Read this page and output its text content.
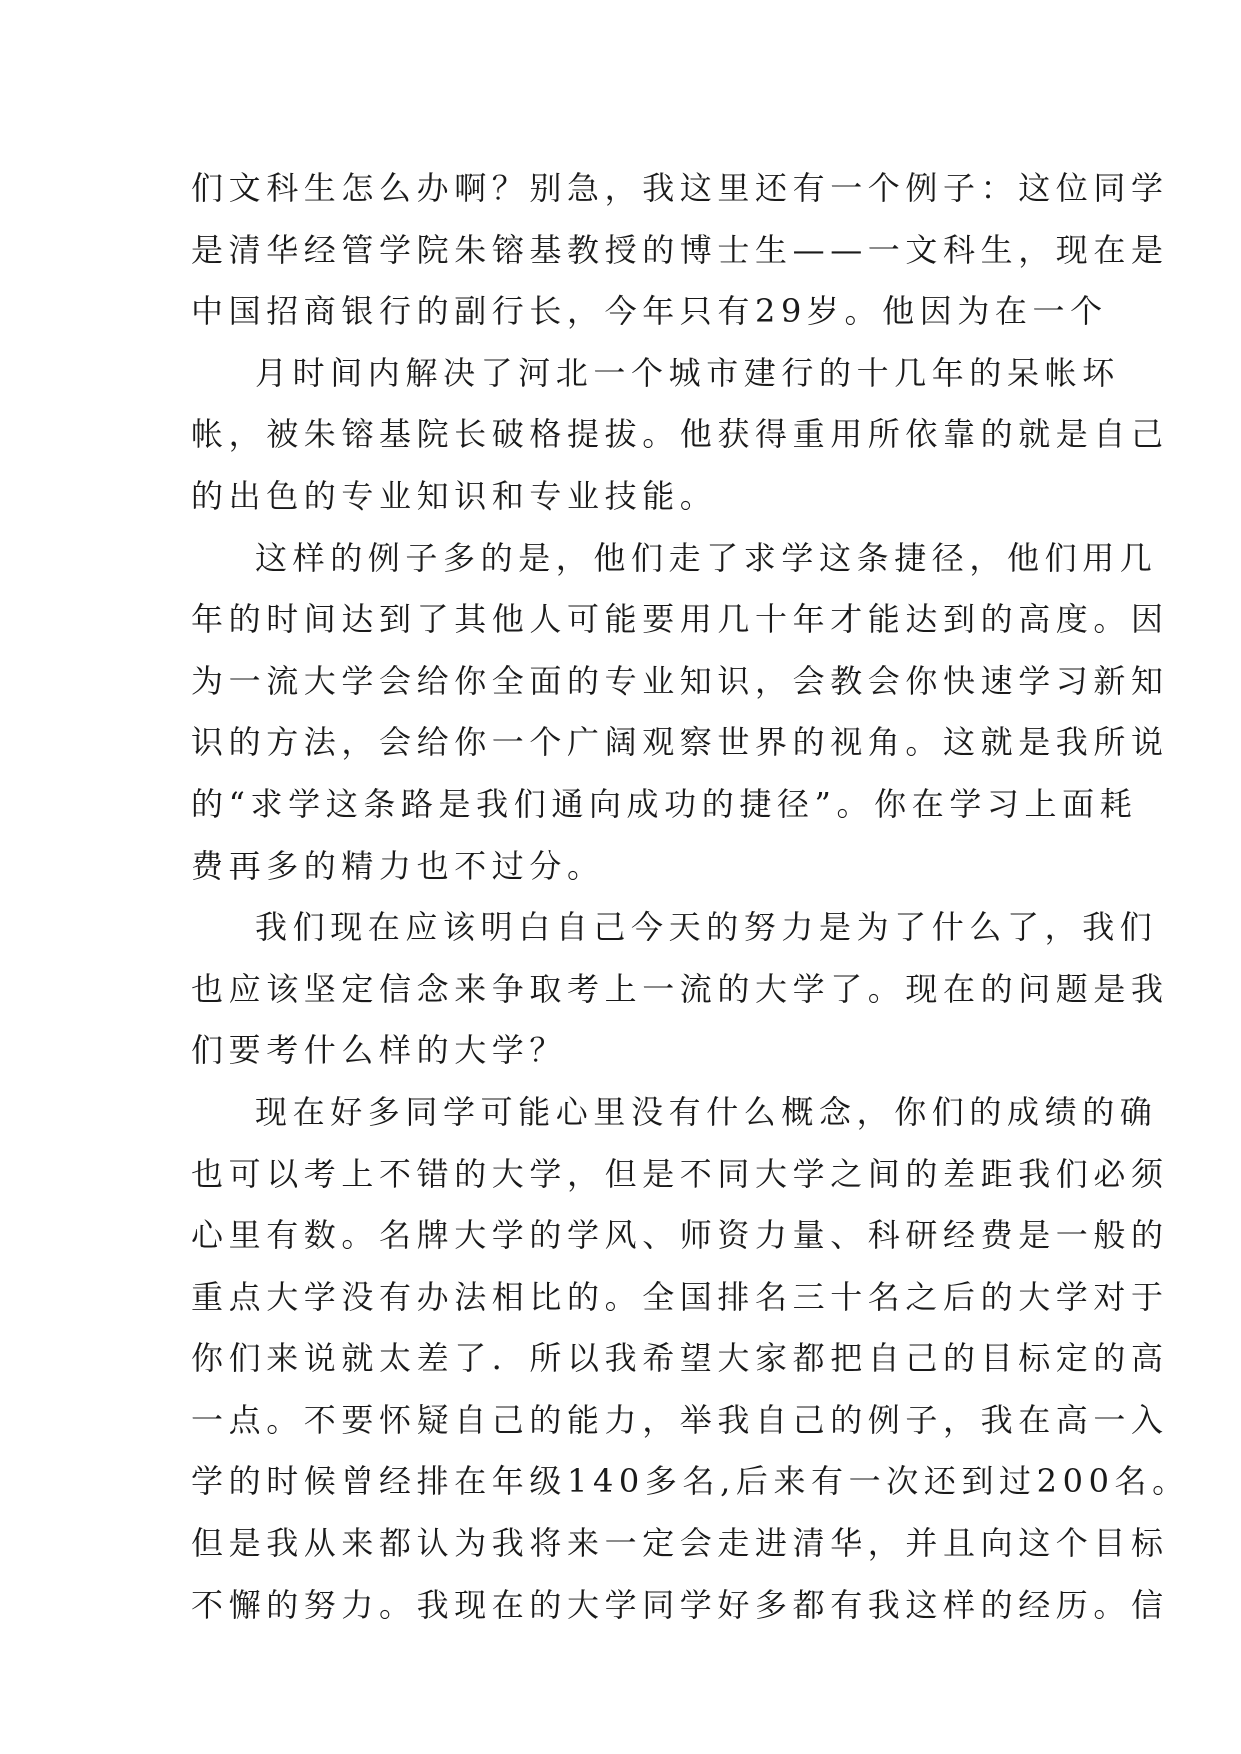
们文科生怎么办啊？别急，我这里还有一个例子：这位同学
是清华经管学院朱镕基教授的博士生——一文科生，现在是
中国招商银行的副行长，今年只有29岁。他因为在一个
月时间内解决了河北一个城市建行的十几年的呆帐坏
帐，被朱镕基院长破格提拔。他获得重用所依靠的就是自己
的出色的专业知识和专业技能。
这样的例子多的是，他们走了求学这条捷径，他们用几
年的时间达到了其他人可能要用几十年才能达到的高度。因
为一流大学会给你全面的专业知识，会教会你快速学习新知
识的方法，会给你一个广阔观察世界的视角。这就是我所说
的“求学这条路是我们通向成功的捷径”。你在学习上面耗
费再多的精力也不过分。
我们现在应该明白自己今天的努力是为了什么了，我们
也应该坚定信念来争取考上一流的大学了。现在的问题是我
们要考什么样的大学？
现在好多同学可能心里没有什么概念，你们的成绩的确
也可以考上不错的大学，但是不同大学之间的差距我们必须
心里有数。名牌大学的学风、师资力量、科研经费是一般的
重点大学没有办法相比的。全国排名三十名之后的大学对于
你们来说就太差了．所以我希望大家都把自己的目标定的高
一点。不要怀疑自己的能力，举我自己的例子，我在高一入
学的时候曾经排在年级140多名,后来有一次还到过200名。
但是我从来都认为我将来一定会走进清华，并且向这个目标
不懈的努力。我现在的大学同学好多都有我这样的经历。信
